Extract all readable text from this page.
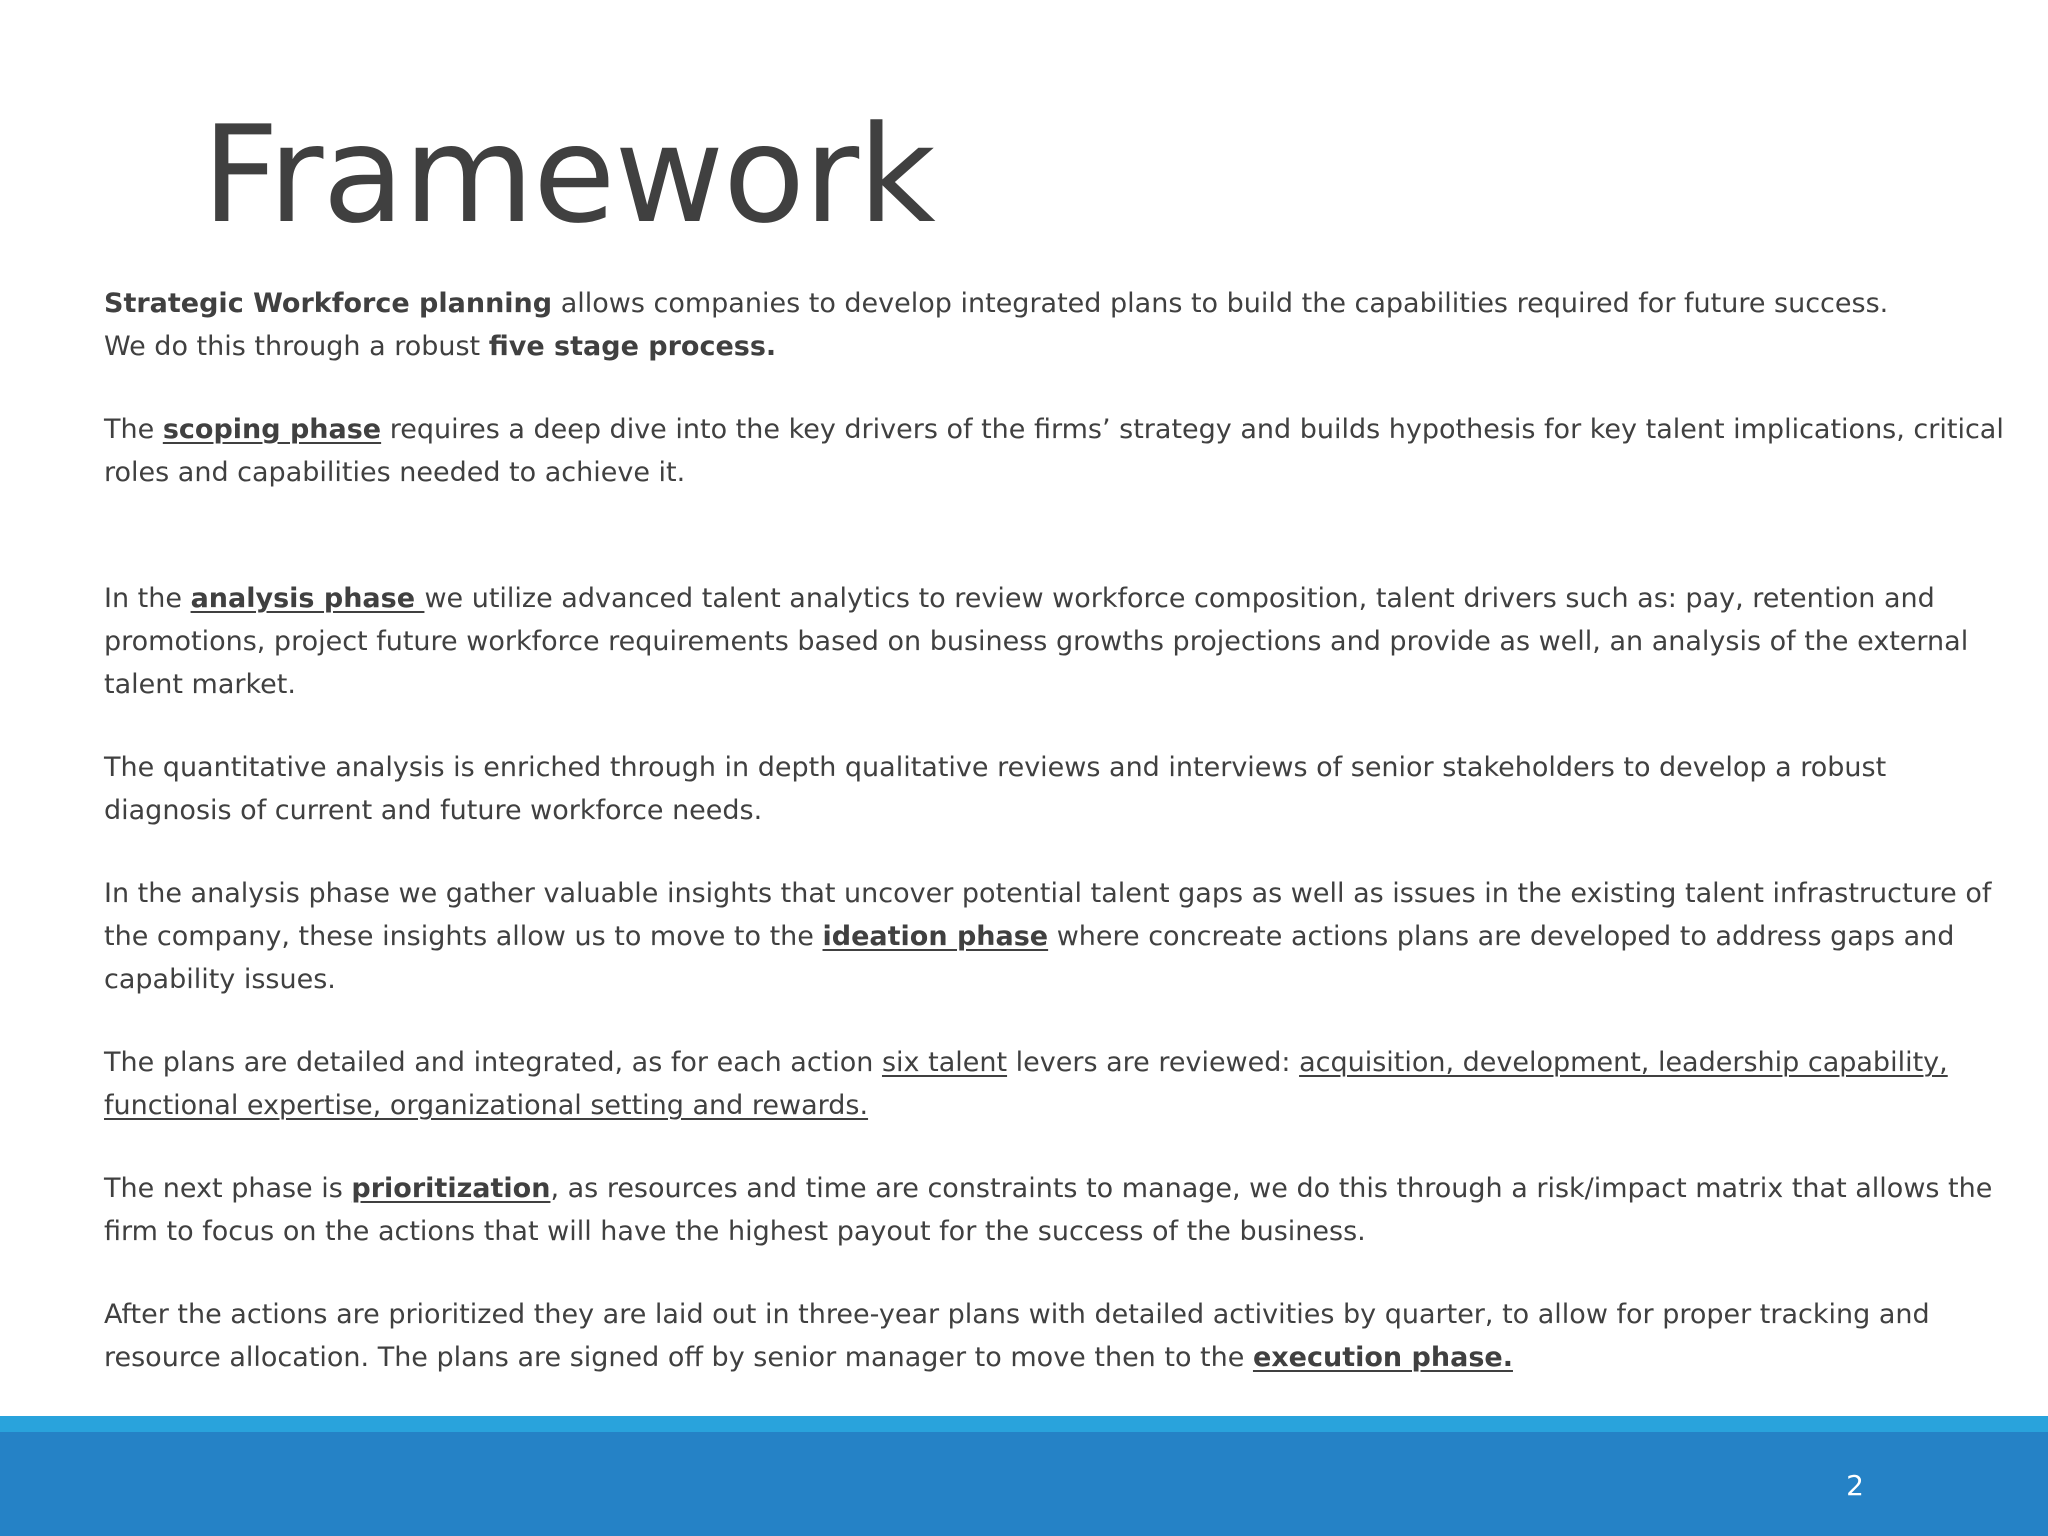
Framework

Strategic Workforce planning allows companies to develop integrated plans to build the capabilities required for future success.

We do this through a robust five stage process.

The scoping phase requires a deep dive into the key drivers of the firms’ strategy and builds hypothesis for key talent implications, critical roles and capabilities needed to achieve it.

In the analysis phase we utilize advanced talent analytics to review workforce composition, talent drivers such as: pay, retention and promotions, project future workforce requirements based on business growths projections and provide as well, an analysis of the external talent market.

The quantitative analysis is enriched through in depth qualitative reviews and interviews of senior stakeholders to develop a robust diagnosis of current and future workforce needs.

In the analysis phase we gather valuable insights that uncover potential talent gaps as well as issues in the existing talent infrastructure of the company, these insights allow us to move to the ideation phase where concreate actions plans are developed to address gaps and capability issues.

The plans are detailed and integrated, as for each action six talent levers are reviewed: acquisition, development, leadership capability, functional expertise, organizational setting and rewards.

The next phase is prioritization, as resources and time are constraints to manage, we do this through a risk/impact matrix that allows the firm to focus on the actions that will have the highest payout for the success of the business.

After the actions are prioritized they are laid out in three-year plans with detailed activities by quarter, to allow for proper tracking and resource allocation. The plans are signed off by senior manager to move then to the execution phase.

2
